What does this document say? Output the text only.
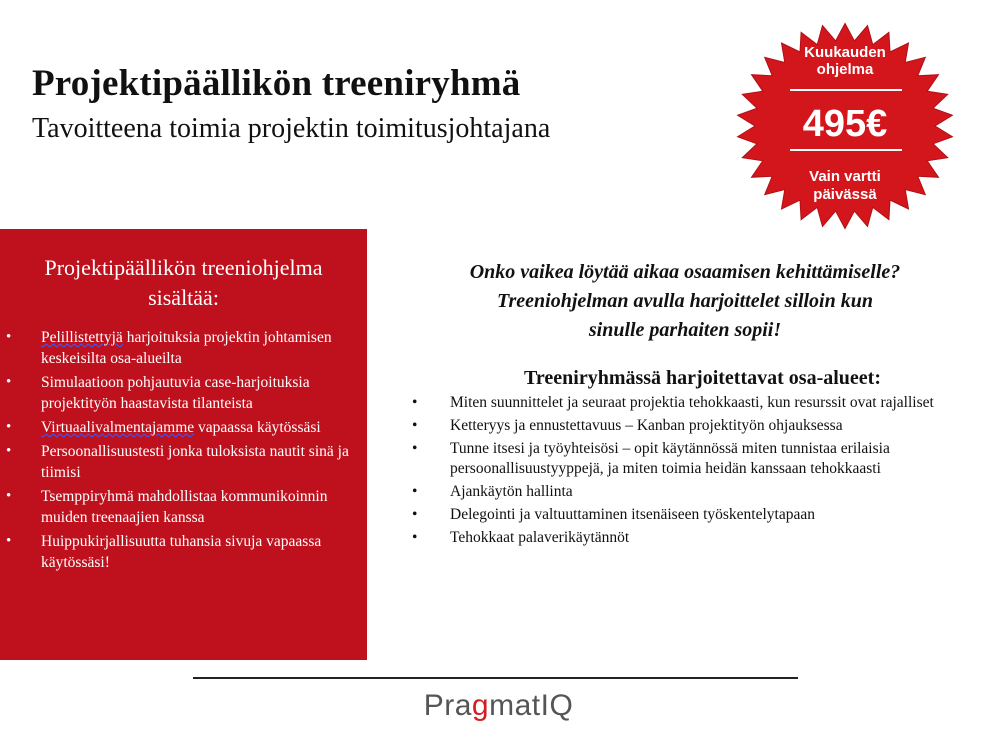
Projektipäällikön treeniryhmä
Tavoitteena toimia projektin toimitusjohtajana
Kuukauden
ohjelma
495€
Vain vartti
päivässä
Projektipäällikön treeniohjelma
sisältää:
• Pelillistettyjä harjoituksia projektin johtamisen keskeisilta osa-alueilta
• Simulaatioon pohjautuvia case-harjoituksia projektityön haastavista tilanteista
• Virtuaalivalmentajamme vapaassa käytössäsi
• Persoonallisuustesti jonka tuloksista nautit sinä ja tiimisi
• Tsemppiryhmä mahdollistaa kommunikoinnin muiden treenaajien kanssa
• Huippukirjallisuutta tuhansia sivuja vapaassa käytössäsi!

Onko vaikea löytää aikaa osaamisen kehittämiselle?

Treeniohjelman avulla harjoittelet silloin kun

sinulle parhaiten sopii!

Treeniryhmässä harjoitettavat osa-alueet:
• Miten suunnittelet ja seuraat projektia tehokkaasti, kun resurssit ovat rajalliset
• Ketteryys ja ennustettavuus – Kanban projektityön ohjauksessa
• Tunne itsesi ja työyhteisösi – opit käytännössä miten tunnistaa erilaisia persoonallisuustyyppejä, ja miten toimia heidän kanssaan tehokkaasti
• Ajankäytön hallinta
• Delegointi ja valtuuttaminen itsenäiseen työskentelytapaan
• Tehokkaat palaverikäytännöt
PragmatIQ
